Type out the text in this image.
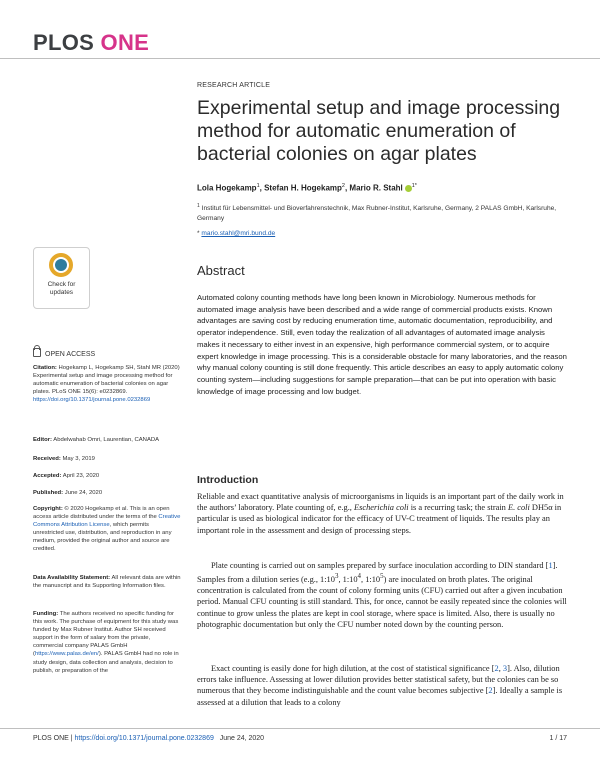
PLOS ONE
RESEARCH ARTICLE
Experimental setup and image processing method for automatic enumeration of bacterial colonies on agar plates
Lola Hogekamp$^1$, Stefan H. Hogekamp$^2$, Mario R. Stahl $^{1*}$
$^1$ Institut für Lebensmittel- und Bioverfahrenstechnik, Max Rubner-Institut, Karlsruhe, Germany, 2 PALAS GmbH, Karlsruhe, Germany
* mario.stahl@mri.bund.de
Check for
updates
OPEN ACCESS

Citation: Hogekamp L, Hogekamp SH, Stahl MR (2020) Experimental setup and image processing method for automatic enumeration of bacterial colonies on agar plates. PLoS ONE 15(6): e0232869. https://doi.org/10.1371/journal.pone.0232869

Editor: Abdelwahab Omri, Laurentian, CANADA

Received: May 3, 2019

Accepted: April 23, 2020

Published: June 24, 2020

Copyright: © 2020 Hogekamp et al. This is an open access article distributed under the terms of the Creative Commons Attribution License, which permits unrestricted use, distribution, and reproduction in any medium, provided the original author and source are credited.

Data Availability Statement: All relevant data are within the manuscript and its Supporting Information files.

Funding: The authors received no specific funding for this work. The purchase of equipment for this study was funded by Max Rubner Institut. Author SH received support in the form of salary from the private, commercial company PALAS GmbH (https://www.palas.de/en/). PALAS GmbH had no role in study design, data collection and analysis, decision to publish, or preparation of the

Abstract

Automated colony counting methods have long been known in Microbiology. Numerous methods for automated image analysis have been described and a wide range of commercial products exists. Known advantages are saving cost by reducing enumeration time, automatic documentation, reproducibility, and operator independence. Still, even today the realization of all advantages of automated image analysis makes it necessary to either invest in an expensive, high performance commercial system, or to acquire expert knowledge in image processing. This is a considerable obstacle for many laboratories, and the reason why manual colony counting is still done frequently. This article describes an easy to apply automatic colony counting system—including suggestions for sample preparation—that can be put into operation with basic knowledge of image processing and low budget.

Introduction

Reliable and exact quantitative analysis of microorganisms in liquids is an important part of the daily work in the authors’ laboratory. Plate counting of, e.g., Escherichia coli is a recurring task; the strain E. coli DH5α in particular is used as biological indicator for the efficacy of UV-C treatment of liquids. The results play an important role in the assessment and design of processing steps.

Plate counting is carried out on samples prepared by surface inoculation according to DIN standard [1]. Samples from a dilution series (e.g., $1:10^3$, $1:10^4$, $1:10^5$) are inoculated on broth plates. The original concentration is calculated from the count of colony forming units (CFU) carried out after a given incubation period. Manual CFU counting is still standard. This, for once, cannot be easily repeated since the colonies will continue to grow unless the plates are kept in cool storage, where space is limited. Also, there is usually no photographic documentation but only the CFU number noted down by the counting person.

Exact counting is easily done for high dilution, at the cost of statistical significance [2, 3]. Also, dilution errors take influence. Assessing at lower dilution provides better statistical safety, but the colonies can be so numerous that they become indistinguishable and the count value becomes subjective [2]. Ideally a sample is assessed at a dilution that leads to a colony

PLOS ONE | https://doi.org/10.1371/journal.pone.0232869 June 24, 2020	1 / 17
